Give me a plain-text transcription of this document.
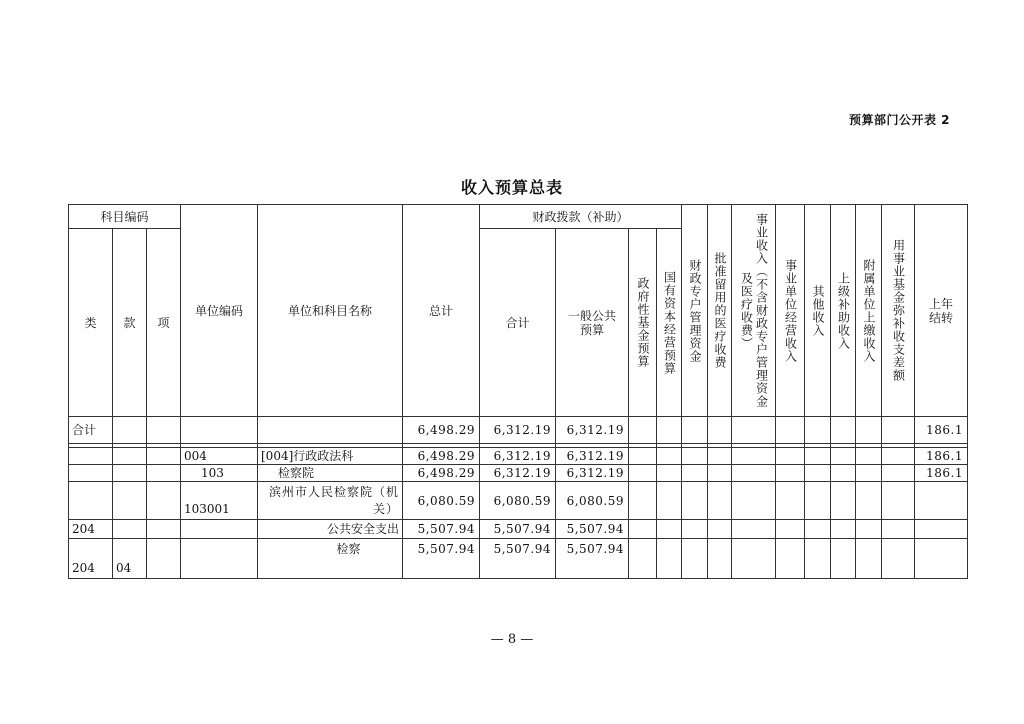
预算部门公开表 2
收入预算总表
科目编码			单位编码	单位和科目名称	总计	财政拨款（补助）				财政专户管理资金	批准留用的医疗收费	事业收入（不含财政专户管理资金及医疗收费）	事业单位经营收入	其他收入	上级补助收入	附属单位上缴收入	用事业基金弥补收支差额	上年结转
类	款	项				合计	一般公共预算	政府性基金预算	国有资本经营预算									

合计					6,498.29	6,312.19	6,312.19											186.1

			004	[004]行政政法科	6,498.29	6,312.19	6,312.19											186.1
			103	检察院	6,498.29	6,312.19	6,312.19											186.1
			103001	滨州市人民检察院（机关）	6,080.59	6,080.59	6,080.59											
204				公共安全支出	5,507.94	5,507.94	5,507.94											
204	04			检察	5,507.94	5,507.94	5,507.94											
— 8 —
